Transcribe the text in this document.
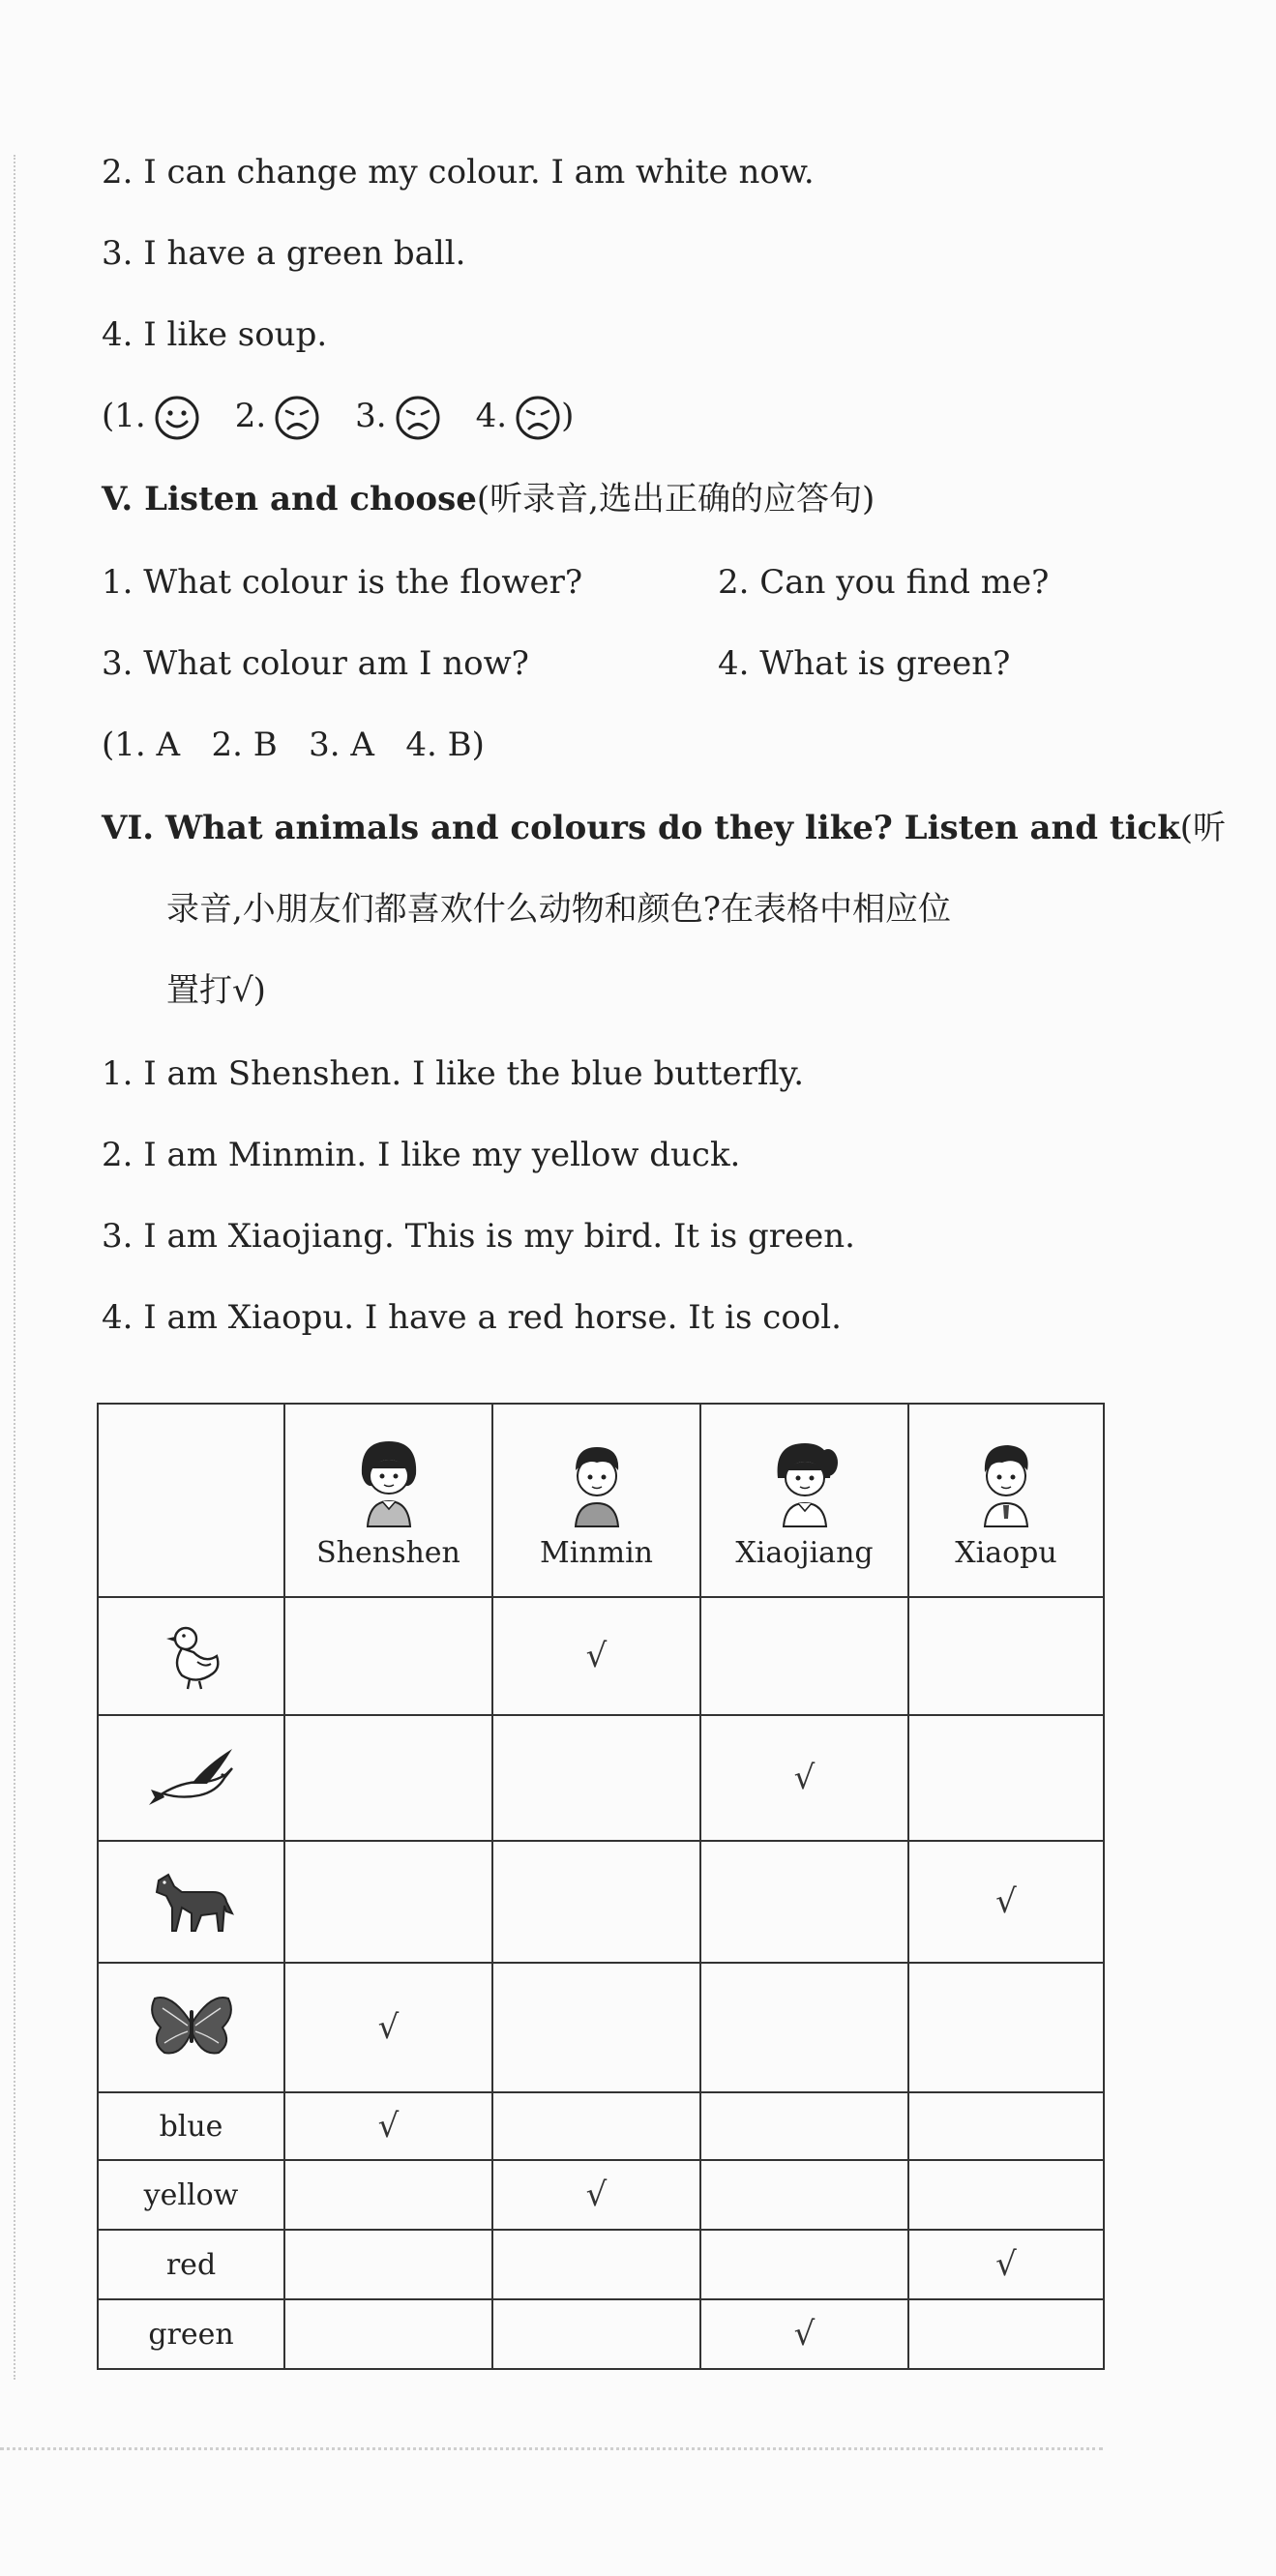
2. I can change my colour. I am white now.
3. I have a green ball.
4. I like soup.
(1.	2.	3.	4. )
V. Listen and choose(听录音,选出正确的应答句)
1. What colour is the flower?	2. Can you find me?
3. What colour am I now?	4. What is green?
(1. A   2. B   3. A   4. B)
VI. What animals and colours do they like? Listen and tick(听
录音,小朋友们都喜欢什么动物和颜色?在表格中相应位
置打√)
1. I am Shenshen. I like the blue butterfly.
2. I am Minmin. I like my yellow duck.
3. I am Xiaojiang. This is my bird. It is green.
4. I am Xiaopu. I have a red horse. It is cool.

	Shenshen	Minmin	Xiaojiang	Xiaopu

		√		

			√	

				√

	√			
blue	√			
yellow		√		
red				√
green			√	
